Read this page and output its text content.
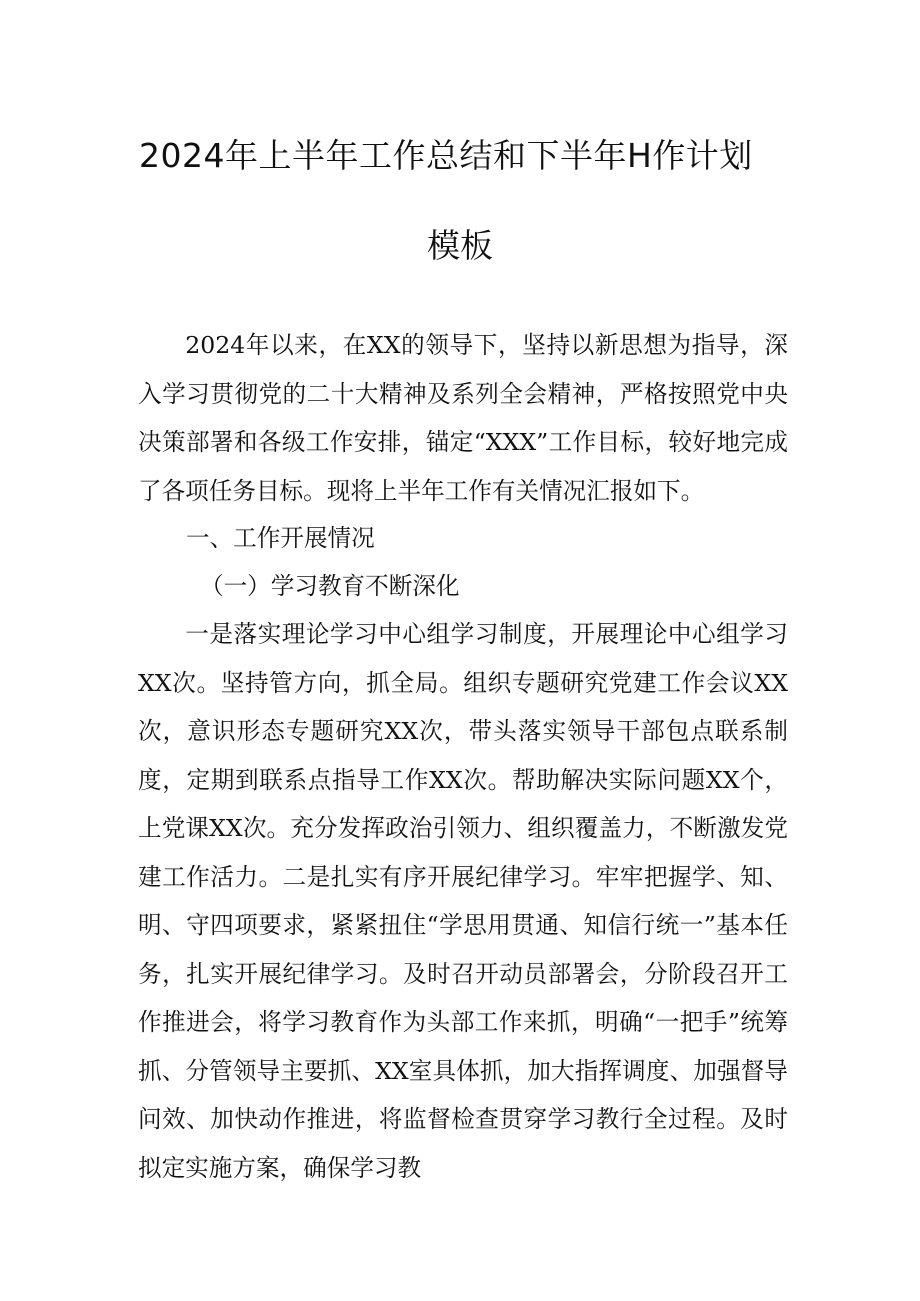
2024年上半年工作总结和下半年H作计划
模板

2024年以来，在XX的领导下，坚持以新思想为指导，深入学习贯彻党的二十大精神及系列全会精神，严格按照党中央决策部署和各级工作安排，锚定“XXX”工作目标，较好地完成了各项任务目标。现将上半年工作有关情况汇报如下。

一、工作开展情况

（一）学习教育不断深化

一是落实理论学习中心组学习制度，开展理论中心组学习XX次。坚持管方向，抓全局。组织专题研究党建工作会议XX次，意识形态专题研究XX次，带头落实领导干部包点联系制度，定期到联系点指导工作XX次。帮助解决实际问题XX个，上党课XX次。充分发挥政治引领力、组织覆盖力，不断激发党建工作活力。二是扎实有序开展纪律学习。牢牢把握学、知、明、守四项要求，紧紧扭住“学思用贯通、知信行统一”基本任务，扎实开展纪律学习。及时召开动员部署会，分阶段召开工作推进会，将学习教育作为头部工作来抓，明确“一把手”统筹抓、分管领导主要抓、XX室具体抓，加大指挥调度、加强督导问效、加快动作推进，将监督检查贯穿学习教行全过程。及时拟定实施方案，确保学习教
